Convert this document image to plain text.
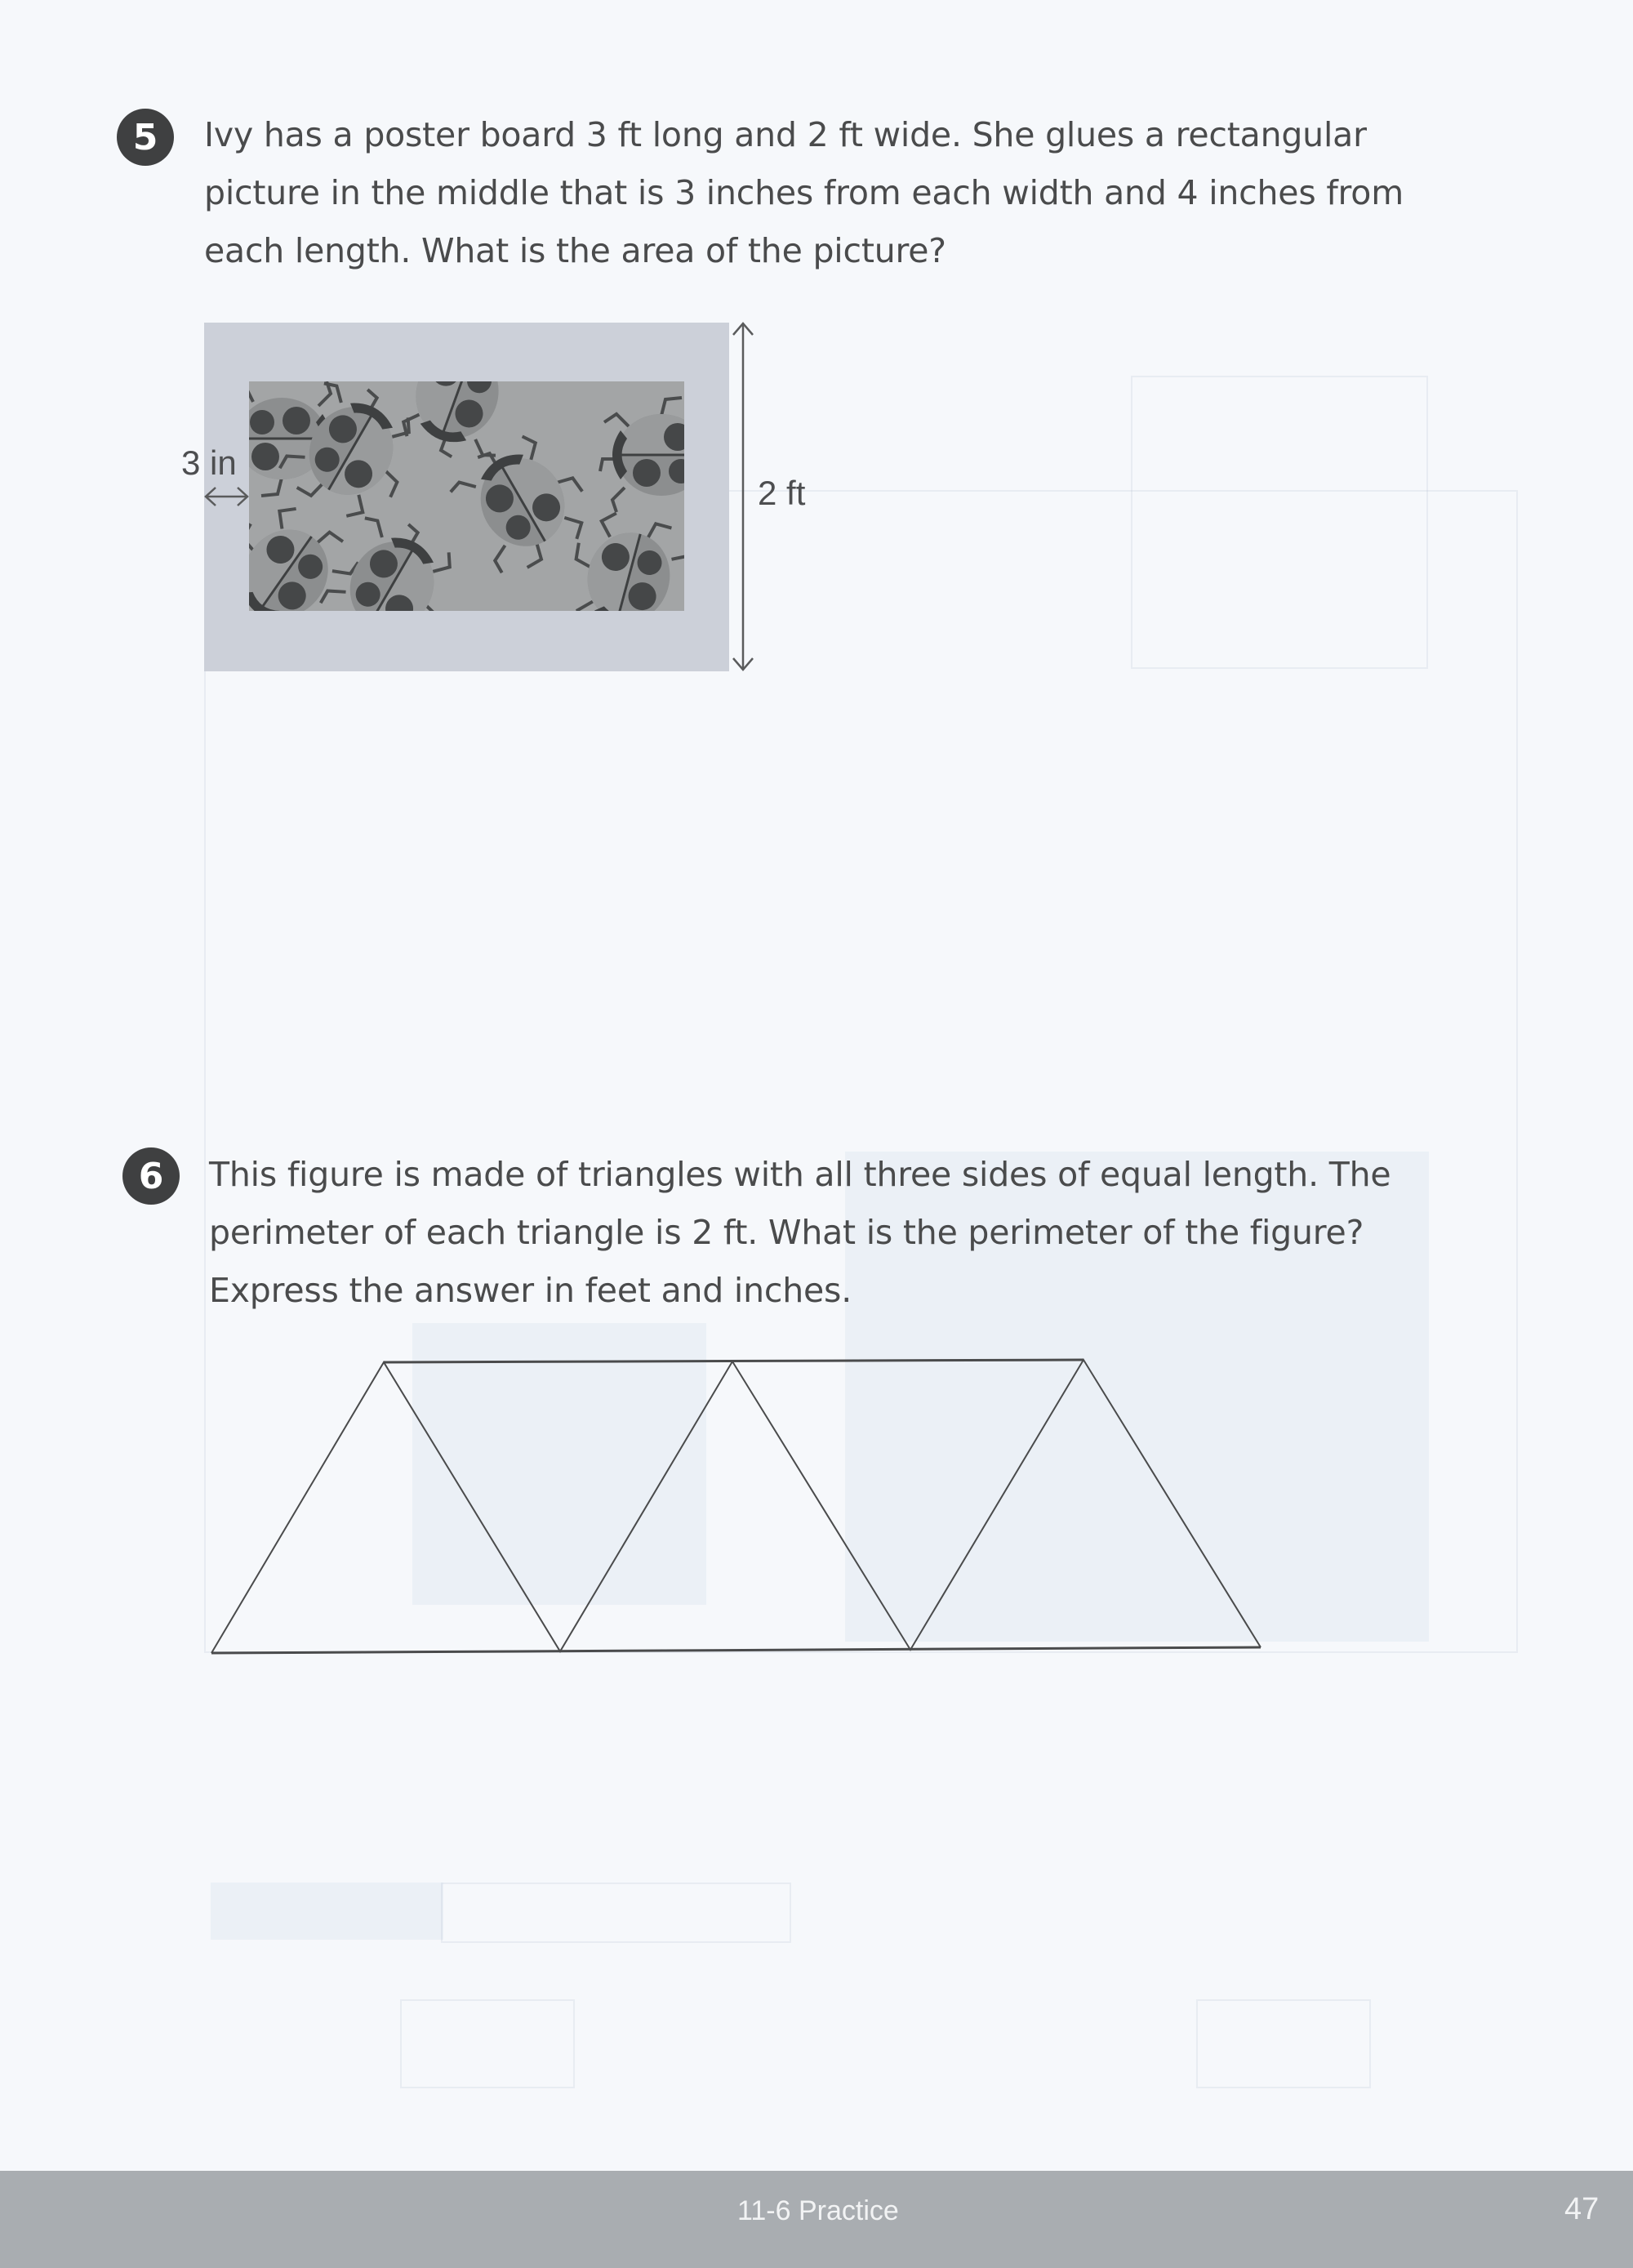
5 Ivy has a poster board 3 ft long and 2 ft wide. She glues a rectangular
picture in the middle that is 3 inches from each width and 4 inches from
each length. What is the area of the picture?
3 in
2 ft
6 This figure is made of triangles with all three sides of equal length. The
perimeter of each triangle is 2 ft. What is the perimeter of the figure?
Express the answer in feet and inches.
11-6 Practice	47
